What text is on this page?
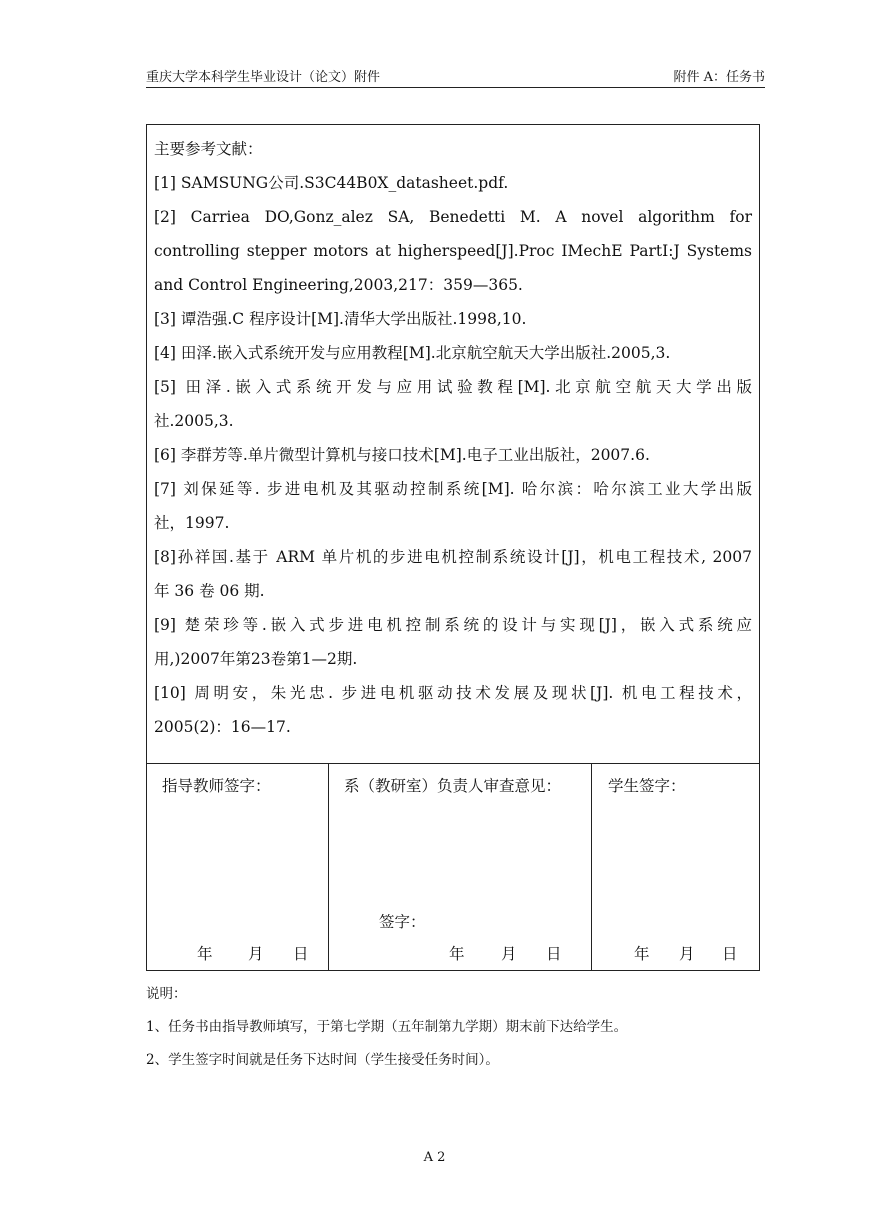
重庆大学本科学生毕业设计（论文）附件	附件 A：任务书
主要参考文献：
[1] SAMSUNG公司.S3C44B0X_datasheet.pdf.
[2] Carriea DO,Gonz_alez SA, Benedetti M. A novel algorithm for
controlling stepper motors at higherspeed[J].Proc IMechE PartI:J Systems
and Control Engineering,2003,217：359—365.
[3] 谭浩强.C 程序设计[M].清华大学出版社.1998,10.
[4] 田泽.嵌入式系统开发与应用教程[M].北京航空航天大学出版社.2005,3.
[5] 田泽.嵌入式系统开发与应用试验教程[M].北京航空航天大学出版
社.2005,3.
[6] 李群芳等.单片微型计算机与接口技术[M].电子工业出版社，2007.6.
[7] 刘保延等. 步进电机及其驱动控制系统[M]. 哈尔滨：哈尔滨工业大学出版
社，1997.
[8]孙祥国.基于 ARM 单片机的步进电机控制系统设计[J]，机电工程技术, 2007
年 36 卷 06 期.
[9] 楚荣珍等.嵌入式步进电机控制系统的设计与实现[J]，嵌入式系统应
用,)2007年第23卷第1—2期.
[10] 周明安，朱光忠. 步进电机驱动技术发展及现状[J]. 机电工程技术，
2005(2)：16—17.
指导教师签字：
年 月 日
系（教研室）负责人审查意见：
签字：
年 月 日
学生签字：
年 月 日
说明：
1、任务书由指导教师填写，于第七学期（五年制第九学期）期末前下达给学生。
2、学生签字时间就是任务下达时间（学生接受任务时间）。
A 2
